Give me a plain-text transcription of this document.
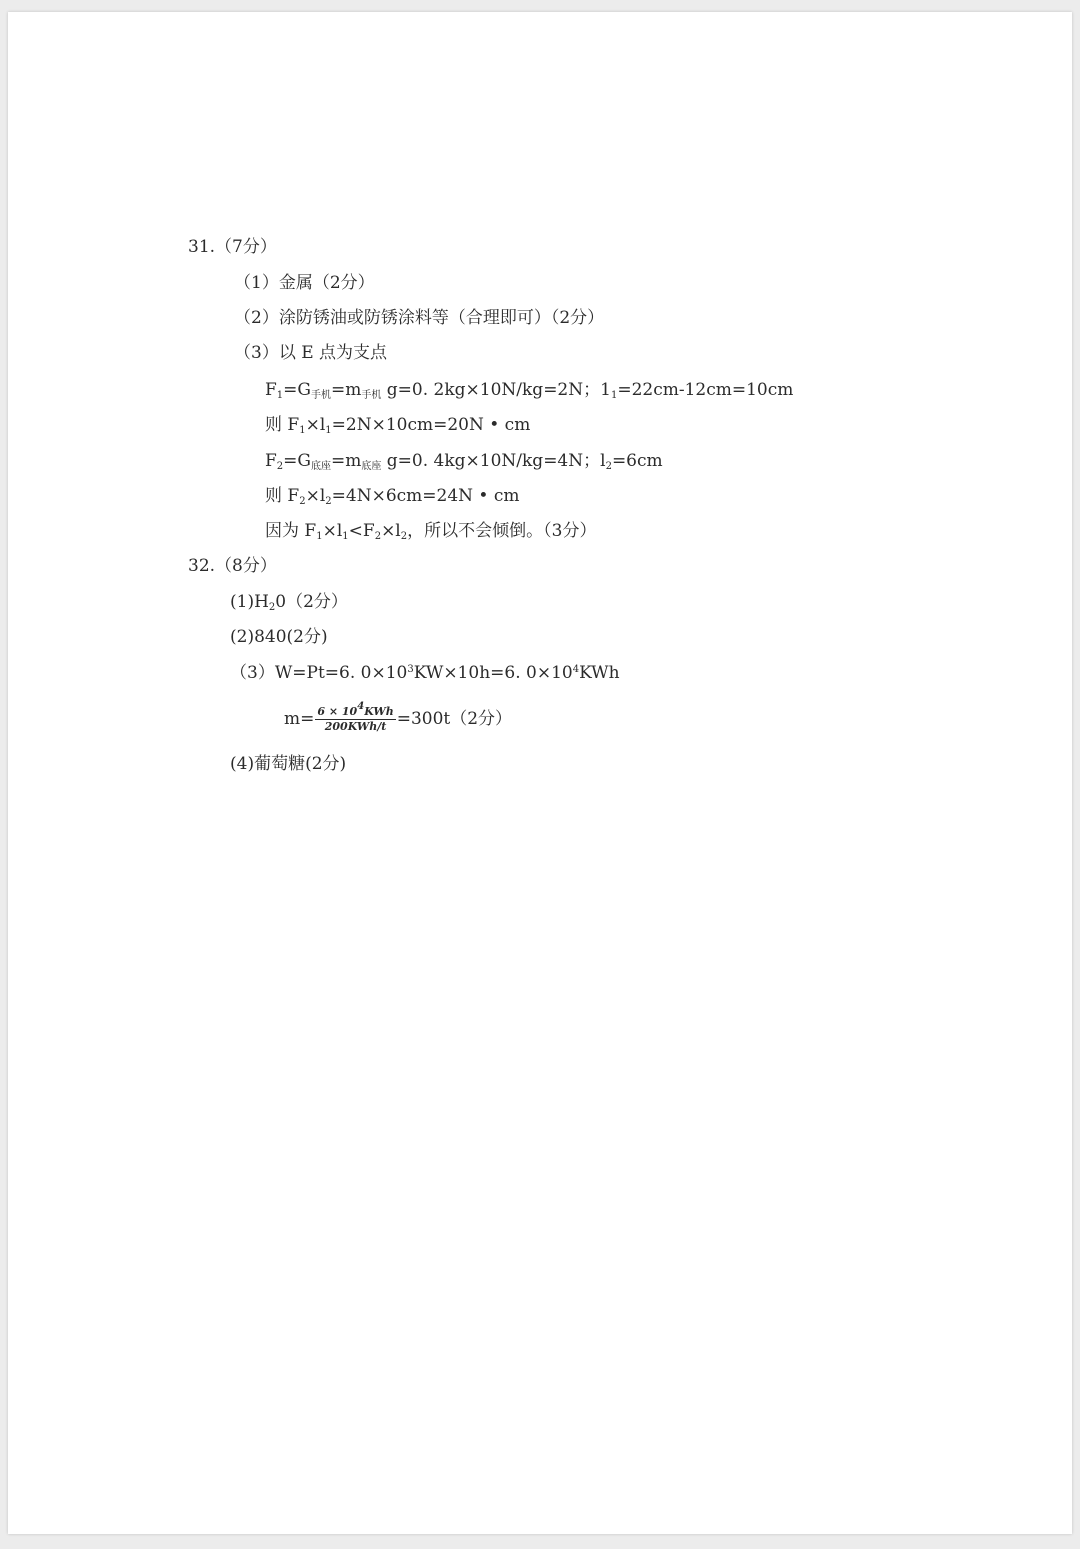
31.（7分）
（1）金属（2分）
（2）涂防锈油或防锈涂料等（合理即可）（2分）
（3）以 E 点为支点
$F_1=G$手机=m手机 g=0. 2kg×10N/kg=2N；$1_1=22cm-12cm=10cm$
则 $F_1\times l_1=2N\times 10cm=20N$ • cm
$F_2=G$底座=m底座 g=0. 4kg×10N/kg=4N；$l_2=6cm$
则 $F_2\times l_2=4N\times 6cm=24N$ • cm
因为 $F_1\times l_1<F_2\times l_2$，所以不会倾倒。（3分）
32.（8分）
$(1)H_20(2$分）
(2)840(2分)
（3）W=Pt=6. $0\times 10^3KW\times 10h=6$. $0\times 10^4KWh$
$m= \frac{6 \times 10^4KWh}{\text{200KWh/t}} =300t(2$分）
(4)葡萄糖(2分)
